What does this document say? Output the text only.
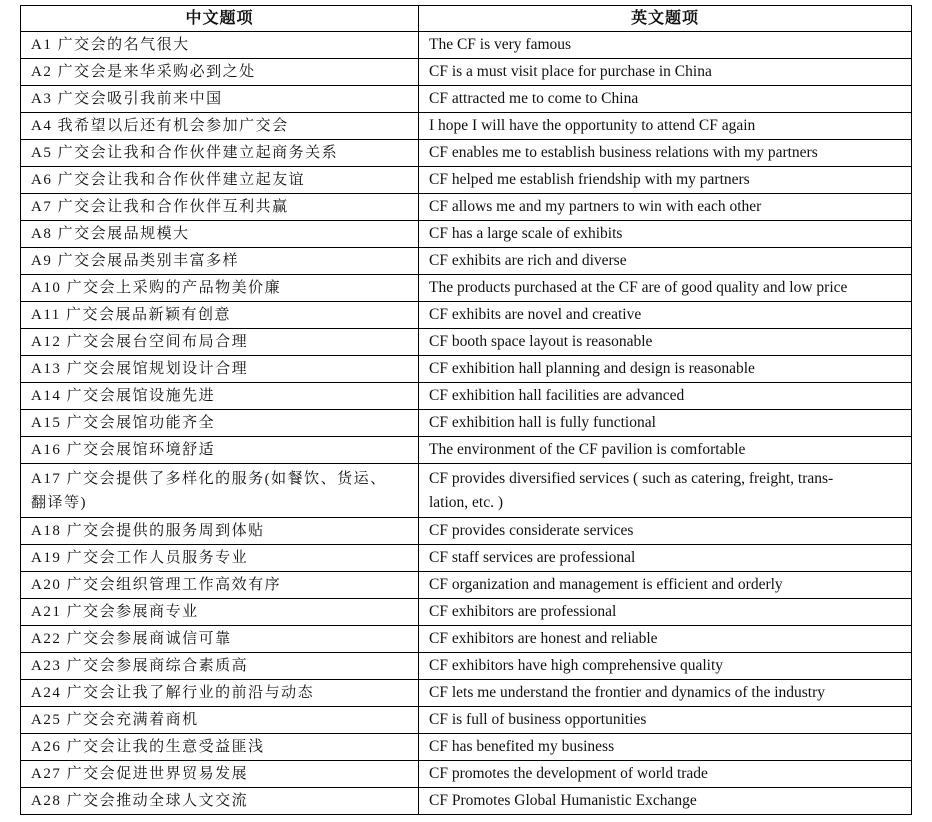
中文题项	英文题项

A1 广交会的名气很大	The CF is very famous

A2 广交会是来华采购必到之处	CF is a must visit place for purchase in China

A3 广交会吸引我前来中国	CF attracted me to come to China

A4 我希望以后还有机会参加广交会	I hope I will have the opportunity to attend CF again

A5 广交会让我和合作伙伴建立起商务关系	CF enables me to establish business relations with my partners

A6 广交会让我和合作伙伴建立起友谊	CF helped me establish friendship with my partners

A7 广交会让我和合作伙伴互利共赢	CF allows me and my partners to win with each other

A8 广交会展品规模大	CF has a large scale of exhibits

A9 广交会展品类别丰富多样	CF exhibits are rich and diverse

A10 广交会上采购的产品物美价廉	The products purchased at the CF are of good quality and low price

A11 广交会展品新颖有创意	CF exhibits are novel and creative

A12 广交会展台空间布局合理	CF booth space layout is reasonable

A13 广交会展馆规划设计合理	CF exhibition hall planning and design is reasonable

A14 广交会展馆设施先进	CF exhibition hall facilities are advanced

A15 广交会展馆功能齐全	CF exhibition hall is fully functional

A16 广交会展馆环境舒适	The environment of the CF pavilion is comfortable

A17 广交会提供了多样化的服务(如餐饮、货运、
翻译等)	CF provides diversified services ( such as catering, freight, trans-
lation, etc. )

A18 广交会提供的服务周到体贴	CF provides considerate services

A19 广交会工作人员服务专业	CF staff services are professional

A20 广交会组织管理工作高效有序	CF organization and management is efficient and orderly

A21 广交会参展商专业	CF exhibitors are professional

A22 广交会参展商诚信可靠	CF exhibitors are honest and reliable

A23 广交会参展商综合素质高	CF exhibitors have high comprehensive quality

A24 广交会让我了解行业的前沿与动态	CF lets me understand the frontier and dynamics of the industry

A25 广交会充满着商机	CF is full of business opportunities

A26 广交会让我的生意受益匪浅	CF has benefited my business

A27 广交会促进世界贸易发展	CF promotes the development of world trade

A28 广交会推动全球人文交流	CF Promotes Global Humanistic Exchange
